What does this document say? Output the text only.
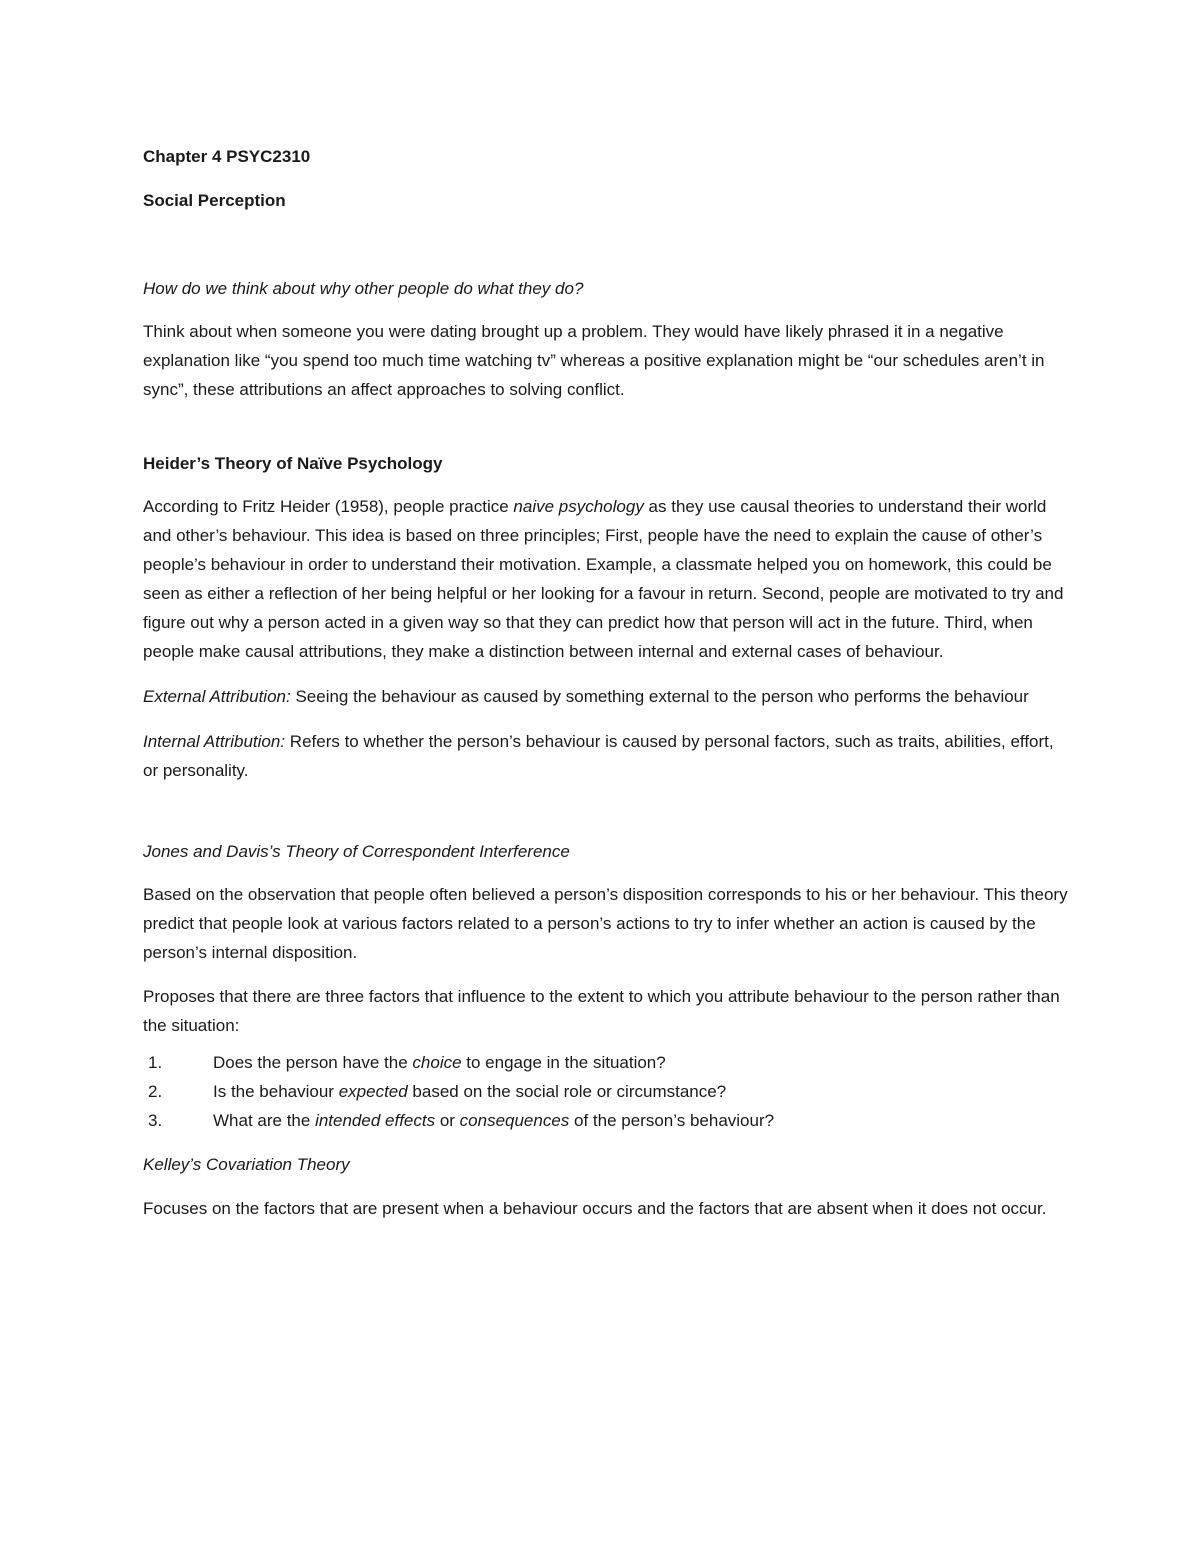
Chapter 4 PSYC2310

Social Perception

How do we think about why other people do what they do?

Think about when someone you were dating brought up a problem. They would have likely phrased it in a negative explanation like “you spend too much time watching tv” whereas a positive explanation might be “our schedules aren’t in sync”, these attributions an affect approaches to solving conflict.

Heider’s Theory of Naïve Psychology

According to Fritz Heider (1958), people practice naive psychology as they use causal theories to understand their world and other’s behaviour. This idea is based on three principles; First, people have the need to explain the cause of other’s people’s behaviour in order to understand their motivation. Example, a classmate helped you on homework, this could be seen as either a reflection of her being helpful or her looking for a favour in return. Second, people are motivated to try and figure out why a person acted in a given way so that they can predict how that person will act in the future. Third, when people make causal attributions, they make a distinction between internal and external cases of behaviour.

External Attribution: Seeing the behaviour as caused by something external to the person who performs the behaviour

Internal Attribution: Refers to whether the person’s behaviour is caused by personal factors, such as traits, abilities, effort, or personality.

Jones and Davis’s Theory of Correspondent Interference

Based on the observation that people often believed a person’s disposition corresponds to his or her behaviour. This theory predict that people look at various factors related to a person’s actions to try to infer whether an action is caused by the person’s internal disposition.

Proposes that there are three factors that influence to the extent to which you attribute behaviour to the person rather than the situation:

1.	Does the person have the choice to engage in the situation?
2.	Is the behaviour expected based on the social role or circumstance?
3.	What are the intended effects or consequences of the person’s behaviour?

Kelley’s Covariation Theory

Focuses on the factors that are present when a behaviour occurs and the factors that are absent when it does not occur.
